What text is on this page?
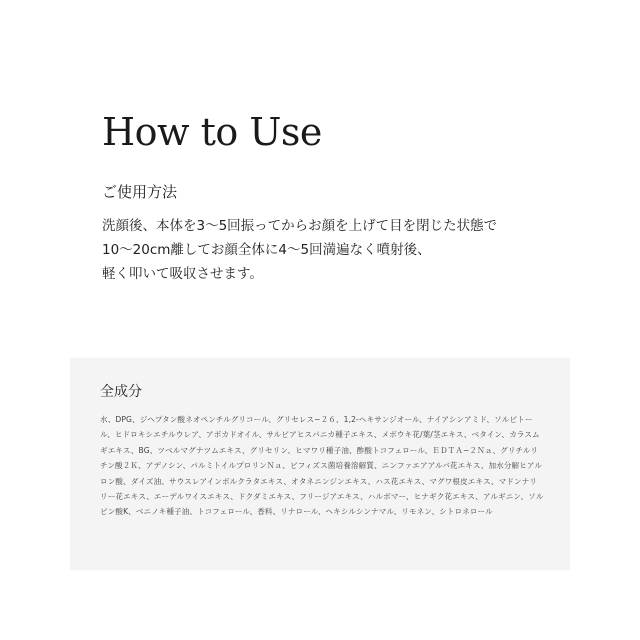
How to Use
ご使用方法

洗顔後、本体を3〜5回振ってからお顔を上げて目を閉じた状態で
10〜20cm離してお顔全体に4〜5回満遍なく噴射後、
軽く叩いて吸収させます。

全成分

水、DPG、ジヘプタン酸ネオペンチルグリコール、グリセレス−２６、1,2-ヘキサンジオール、ナイアシンアミド、ソルビトール、ヒドロキシエチルウレア、アボカドオイル、サルビアヒスパニカ種子エキス、メボウキ花/葉/茎エキス、ベタイン、カラスムギエキス、BG、ツベルマグナツムエキス、グリセリン、ヒマワリ種子油、酢酸トコフェロール、ＥＤＴＡ−２Ｎａ、グリチルリチン酸２Ｋ、アデノシン、パルミトイルプロリンＮａ、ビフィズス菌培養溶解質、ニンファエアアルバ花エキス、加水分解ヒアルロン酸、ダイズ油、サウスレアインボルクラタエキス、オタネニンジンエキス、ハス花エキス、マグワ根皮エキス、マドンナリリー花エキス、エーデルワイスエキス、ドクダミエキス、フリージアエキス、ハルボマー、ヒナギク花エキス、アルギニン、ソルビン酸K、ベニノキ種子油、トコフェロール、香料、リナロール、ヘキシルシンナマル、リモネン、シトロネロール
